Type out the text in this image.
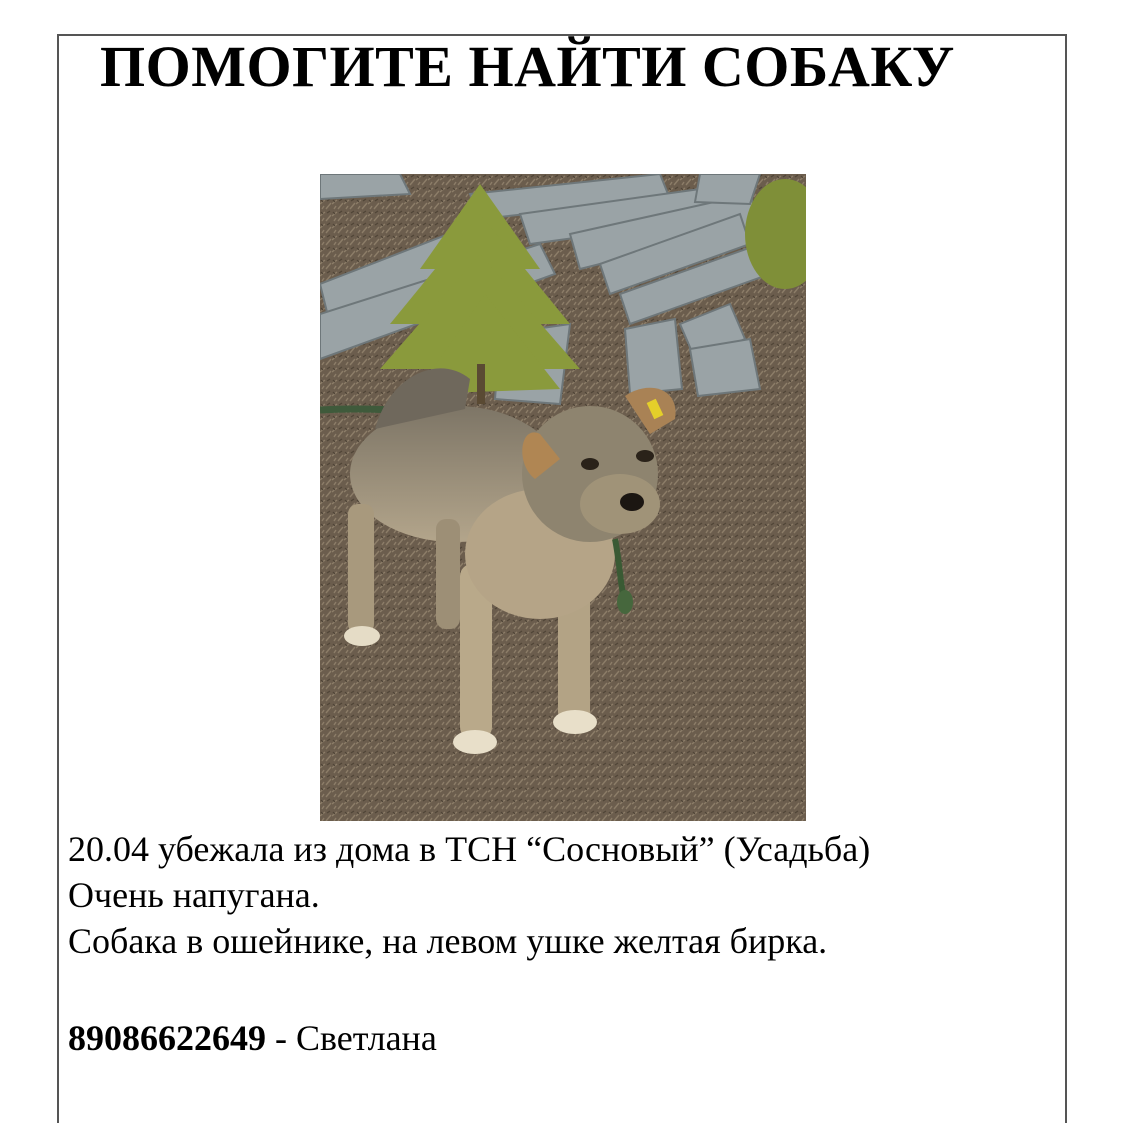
ПОМОГИТЕ НАЙТИ СОБАКУ
20.04 убежала из дома в ТСН “Сосновый” (Усадьба)
Очень напугана.
Собака в ошейнике, на левом ушке желтая бирка.
89086622649 - Светлана
